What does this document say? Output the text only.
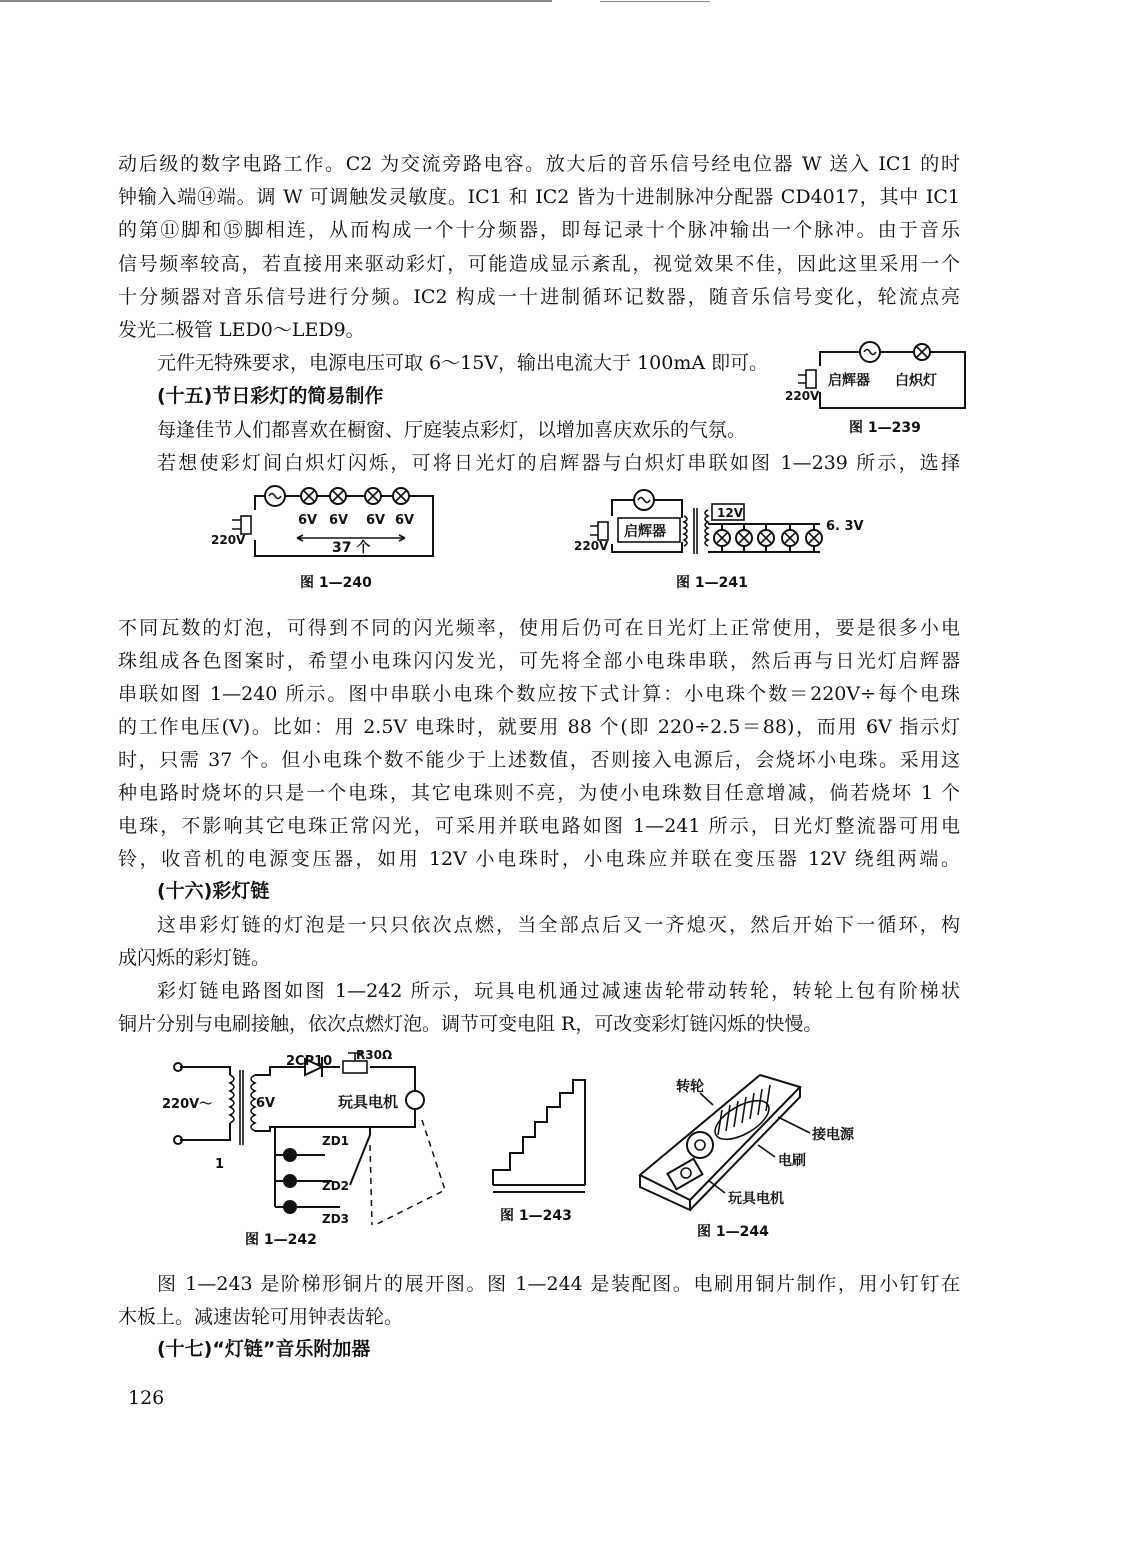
动后级的数字电路工作。C2 为交流旁路电容。放大后的音乐信号经电位器 W 送入 IC1 的时
钟输入端⑭端。调 W 可调触发灵敏度。IC1 和 IC2 皆为十进制脉冲分配器 CD4017，其中 IC1
的第⑪脚和⑮脚相连，从而构成一个十分频器，即每记录十个脉冲输出一个脉冲。由于音乐
信号频率较高，若直接用来驱动彩灯，可能造成显示紊乱，视觉效果不佳，因此这里采用一个
十分频器对音乐信号进行分频。IC2 构成一十进制循环记数器，随音乐信号变化，轮流点亮
发光二极管 LED0～LED9。
元件无特殊要求，电源电压可取 6～15V，输出电流大于 100mA 即可。
(十五)节日彩灯的简易制作
每逢佳节人们都喜欢在橱窗、厅庭装点彩灯，以增加喜庆欢乐的气氛。
若想使彩灯间白炽灯闪烁，可将日光灯的启辉器与白炽灯串联如图 1—239 所示，选择
220V
启辉器 白炽灯
图 1—239
6V 6V 6V 6V
37 个
220V
图 1—240
启辉器
12V
6. 3V
220V
图 1—241
不同瓦数的灯泡，可得到不同的闪光频率，使用后仍可在日光灯上正常使用，要是很多小电
珠组成各色图案时，希望小电珠闪闪发光，可先将全部小电珠串联，然后再与日光灯启辉器
串联如图 1—240 所示。图中串联小电珠个数应按下式计算：小电珠个数＝220V÷每个电珠
的工作电压(V)。比如：用 2.5V 电珠时，就要用 88 个(即 220÷2.5＝88)，而用 6V 指示灯
时，只需 37 个。但小电珠个数不能少于上述数值，否则接入电源后，会烧坏小电珠。采用这
种电路时烧坏的只是一个电珠，其它电珠则不亮，为使小电珠数目任意增减，倘若烧坏 1 个
电珠，不影响其它电珠正常闪光，可采用并联电路如图 1—241 所示，日光灯整流器可用电
铃，收音机的电源变压器，如用 12V 小电珠时，小电珠应并联在变压器 12V 绕组两端。
(十六)彩灯链
这串彩灯链的灯泡是一只只依次点燃，当全部点后又一齐熄灭，然后开始下一循环，构
成闪烁的彩灯链。
彩灯链电路图如图 1—242 所示，玩具电机通过减速齿轮带动转轮，转轮上包有阶梯状
铜片分别与电刷接触，依次点燃灯泡。调节可变电阻 R，可改变彩灯链闪烁的快慢。
2CP10 R30Ω
220V～	6V	玩具电机
ZD1
ZD2
ZD3
1
图 1—242
图 1—243
转轮
接电源
电刷
玩具电机
图 1—244
图 1—243 是阶梯形铜片的展开图。图 1—244 是装配图。电刷用铜片制作，用小钉钉在
木板上。减速齿轮可用钟表齿轮。
(十七)“灯链”音乐附加器
126
